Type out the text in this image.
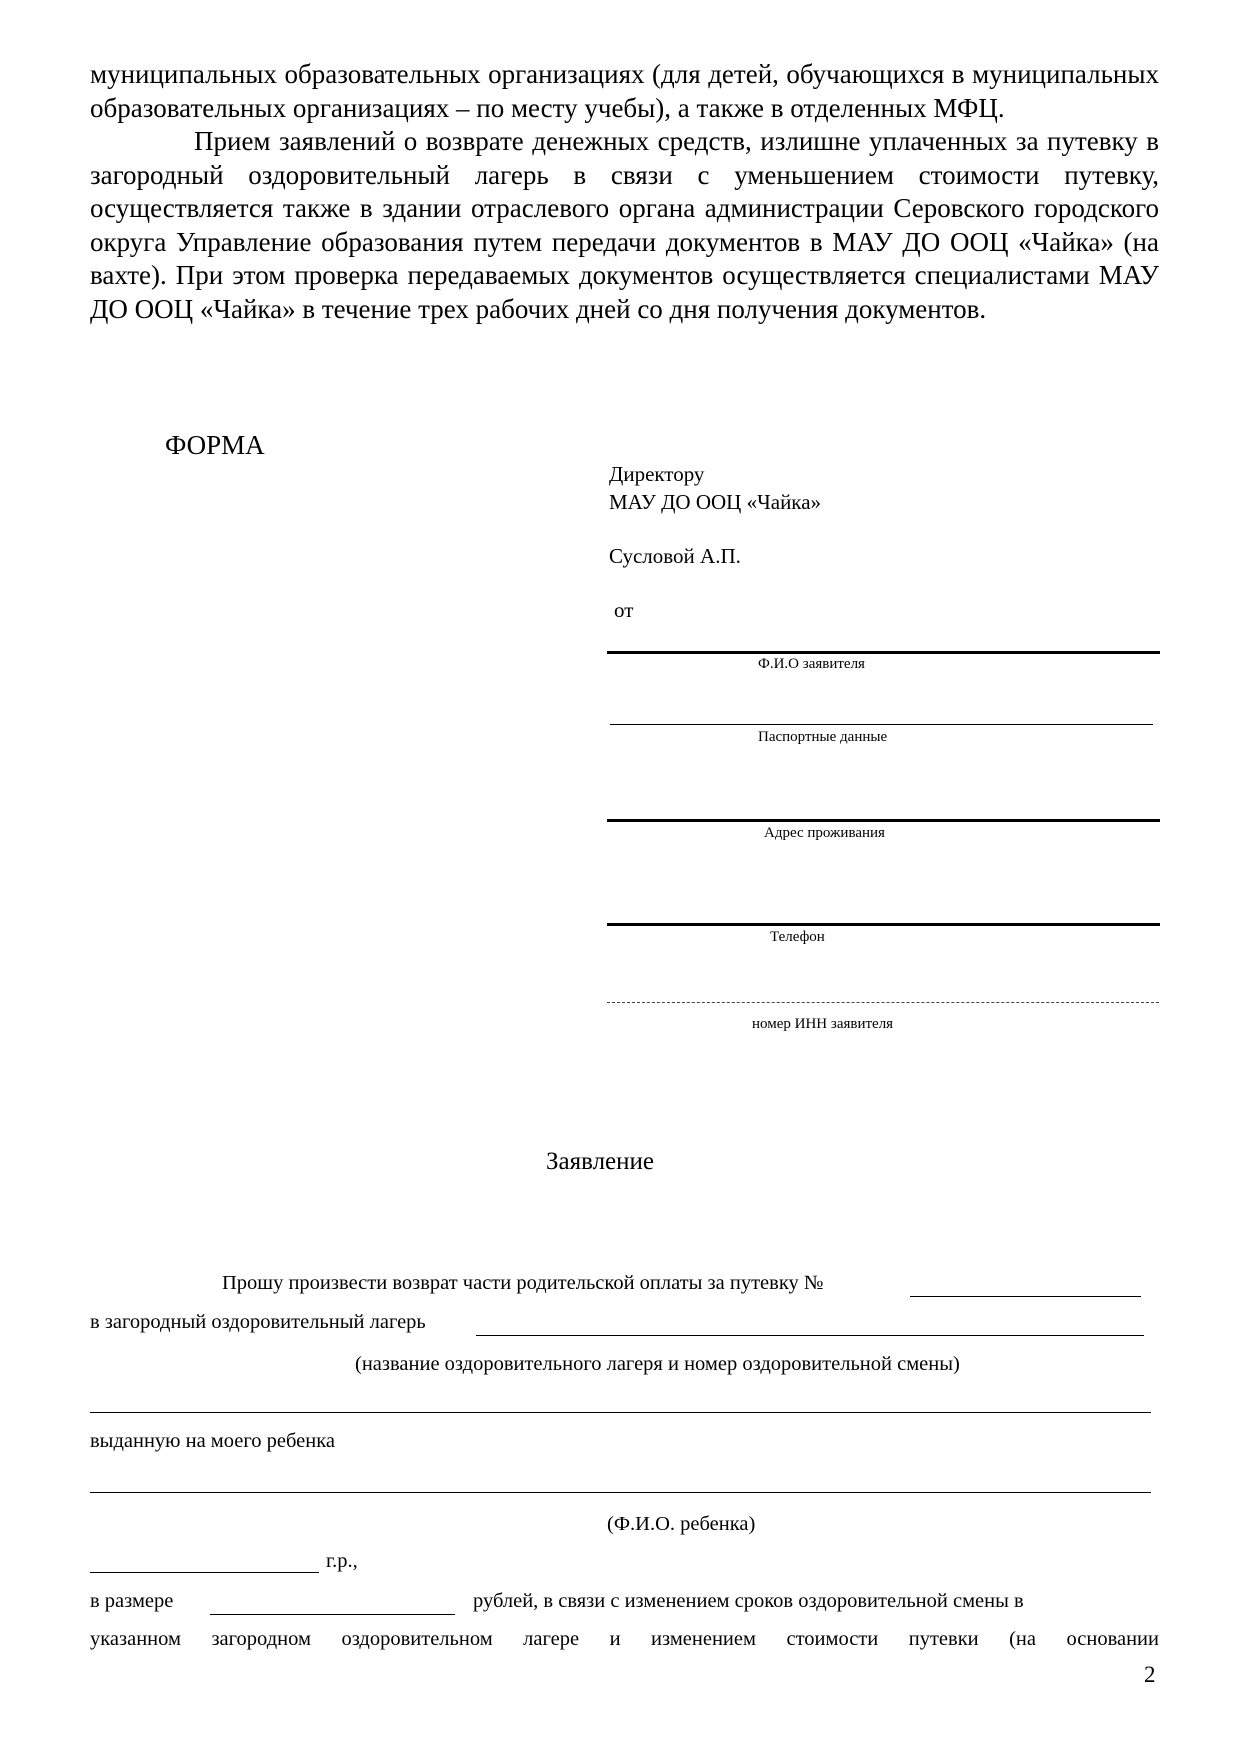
муниципальных образовательных организациях (для детей, обучающихся в муниципальных образовательных организациях – по месту учебы), а также в отделенных МФЦ.

Прием заявлений о возврате денежных средств, излишне уплаченных за путевку в загородный оздоровительный лагерь в связи с уменьшением стоимости путевку, осуществляется также в здании отраслевого органа администрации Серовского городского округа Управление образования путем передачи документов в МАУ ДО ООЦ «Чайка» (на вахте). При этом проверка передаваемых документов осуществляется специалистами МАУ ДО ООЦ «Чайка» в течение трех рабочих дней со дня получения документов.

ФОРМА
Директору
МАУ ДО ООЦ «Чайка»
Сусловой А.П.
от
Ф.И.О заявителя
Паспортные данные
Адрес проживания
Телефон
номер ИНН заявителя
Заявление
Прошу произвести возврат части родительской оплаты за путевку №
в загородный оздоровительный лагерь
(название оздоровительного лагеря и номер оздоровительной смены)
выданную на моего ребенка
(Ф.И.О. ребенка)
г.р.,
в размере	рублей, в связи с изменением сроков оздоровительной смены в
указанном загородном оздоровительном лагере и изменением стоимости путевки (на основании
2
